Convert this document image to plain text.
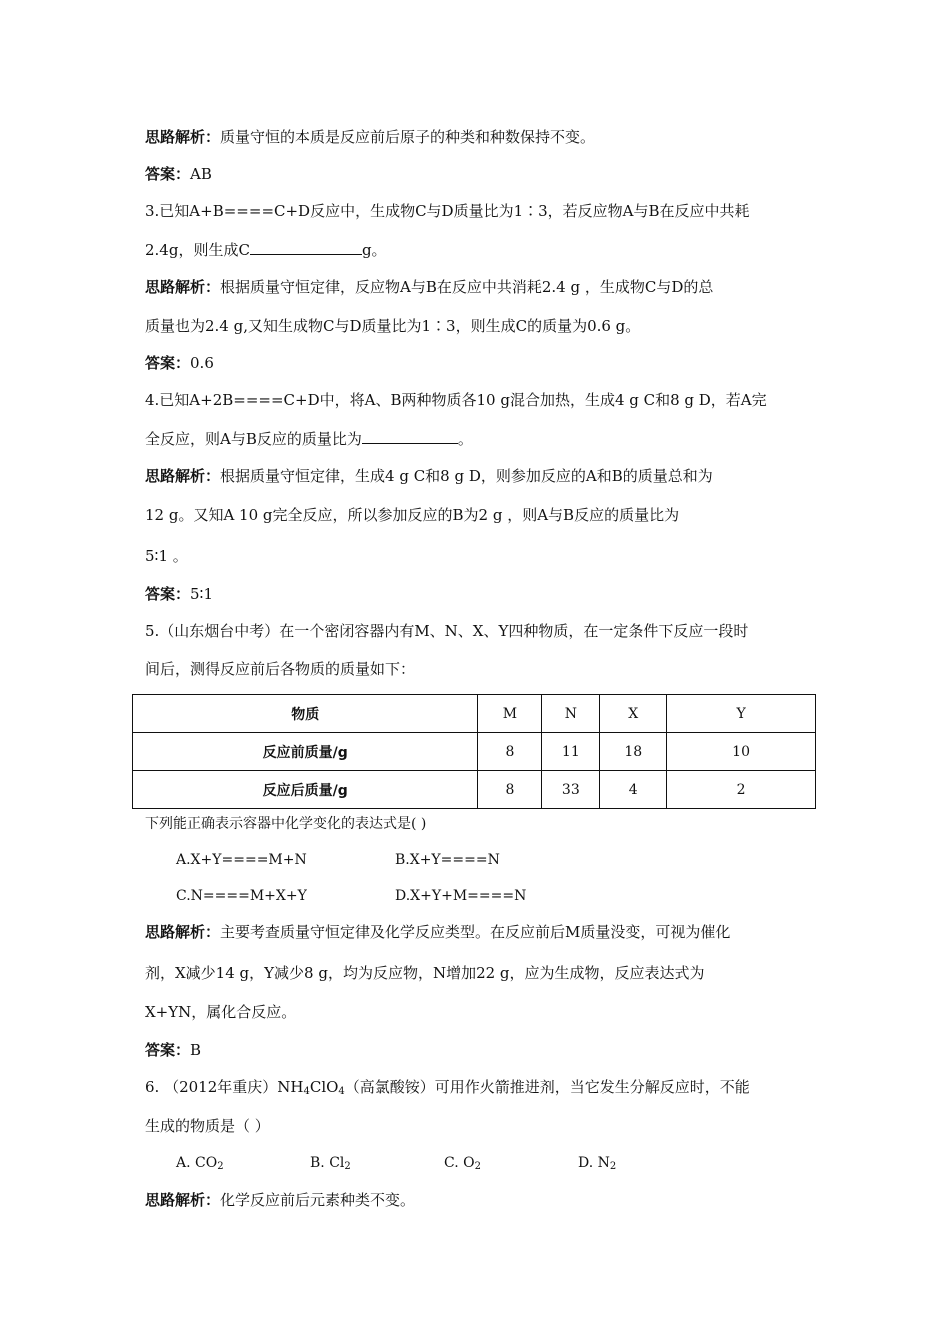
思路解析：质量守恒的本质是反应前后原子的种类和种数保持不变。
答案：AB
3.已知A+B====C+D反应中，生成物C与D质量比为1∶3，若反应物A与B在反应中共耗
2.4g，则生成C	g。
思路解析：根据质量守恒定律，反应物A与B在反应中共消耗2.4 g ，生成物C与D的总
质量也为2.4 g,又知生成物C与D质量比为1∶3，则生成C的质量为0.6 g。
答案：0.6
4.已知A+2B====C+D中，将A、B两种物质各10 g混合加热，生成4 g C和8 g D，若A完
全反应，则A与B反应的质量比为	。
思路解析：根据质量守恒定律，生成4 g C和8 g D，则参加反应的A和B的质量总和为
12 g。又知A 10 g完全反应，所以参加反应的B为2 g ，则A与B反应的质量比为
5∶1 。
答案：5∶1
5.（山东烟台中考）在一个密闭容器内有M、N、X、Y四种物质，在一定条件下反应一段时
间后，测得反应前后各物质的质量如下：
物质	M	N	X	Y
反应前质量/g	8	11	18	10
反应后质量/g	8	33	4	2
下列能正确表示容器中化学变化的表达式是( )
A.X+Y====M+N	B.X+Y====N
C.N====M+X+Y	D.X+Y+M====N
思路解析：主要考查质量守恒定律及化学反应类型。在反应前后M质量没变，可视为催化
剂，X减少14 g，Y减少8 g，均为反应物，N增加22 g，应为生成物，反应表达式为
X+YN，属化合反应。
答案：B
6. （2012年重庆）$NH_4ClO_4$（高氯酸铵）可用作火箭推进剂，当它发生分解反应时，不能
生成的物质是（ ）
A. $CO_2$	B. $Cl_2$	C. $O_2$	D. $N_2$
思路解析：化学反应前后元素种类不变。
